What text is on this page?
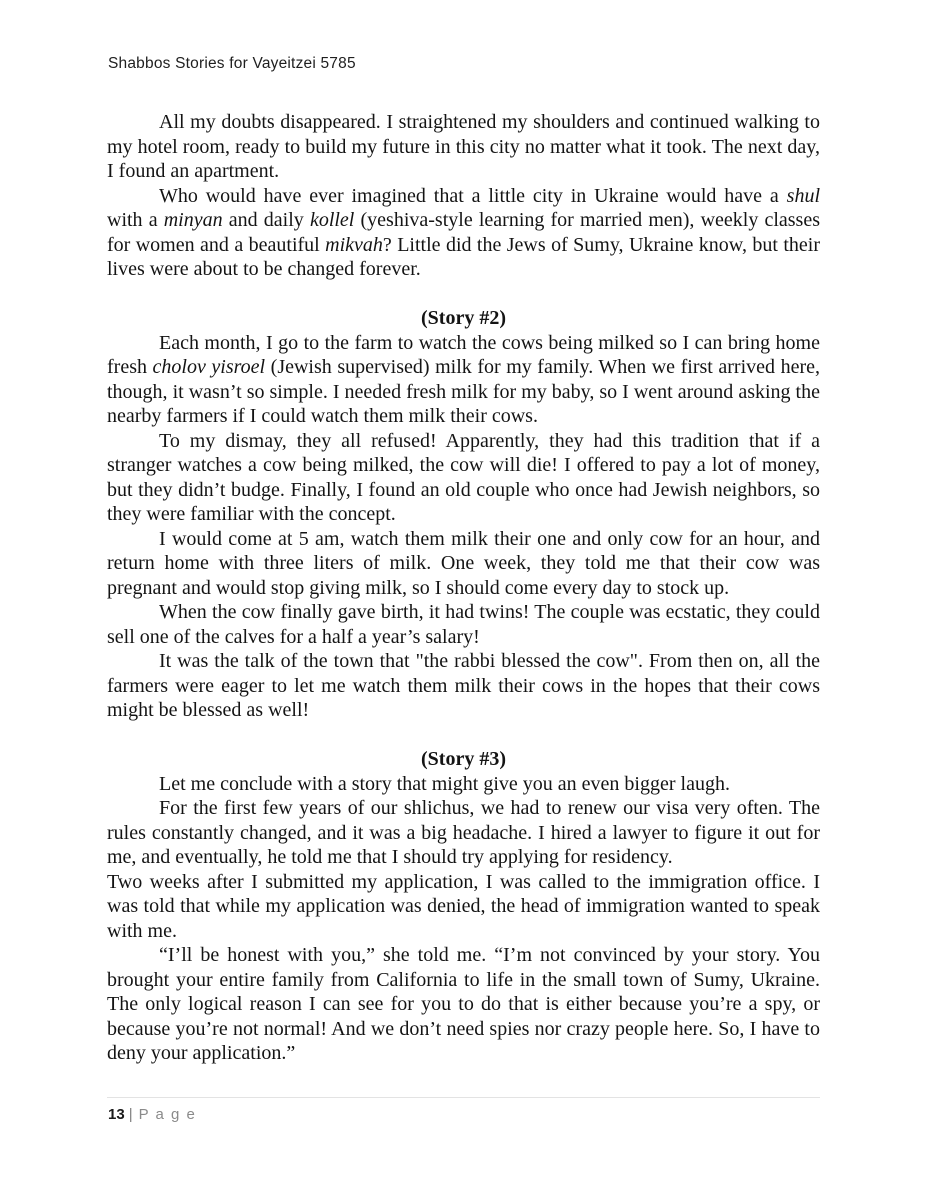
Shabbos Stories for Vayeitzei 5785

All my doubts disappeared. I straightened my shoulders and continued walking to my hotel room, ready to build my future in this city no matter what it took. The next day, I found an apartment.

Who would have ever imagined that a little city in Ukraine would have a shul with a minyan and daily kollel (yeshiva-style learning for married men), weekly classes for women and a beautiful mikvah? Little did the Jews of Sumy, Ukraine know, but their lives were about to be changed forever.

(Story #2)

Each month, I go to the farm to watch the cows being milked so I can bring home fresh cholov yisroel (Jewish supervised) milk for my family. When we first arrived here, though, it wasn’t so simple. I needed fresh milk for my baby, so I went around asking the nearby farmers if I could watch them milk their cows.

To my dismay, they all refused! Apparently, they had this tradition that if a stranger watches a cow being milked, the cow will die! I offered to pay a lot of money, but they didn’t budge. Finally, I found an old couple who once had Jewish neighbors, so they were familiar with the concept.

I would come at 5 am, watch them milk their one and only cow for an hour, and return home with three liters of milk. One week, they told me that their cow was pregnant and would stop giving milk, so I should come every day to stock up.

When the cow finally gave birth, it had twins! The couple was ecstatic, they could sell one of the calves for a half a year’s salary!

It was the talk of the town that "the rabbi blessed the cow". From then on, all the farmers were eager to let me watch them milk their cows in the hopes that their cows might be blessed as well!

(Story #3)

Let me conclude with a story that might give you an even bigger laugh.

For the first few years of our shlichus, we had to renew our visa very often. The rules constantly changed, and it was a big headache. I hired a lawyer to figure it out for me, and eventually, he told me that I should try applying for residency.

Two weeks after I submitted my application, I was called to the immigration office. I was told that while my application was denied, the head of immigration wanted to speak with me.

“I’ll be honest with you,” she told me. “I’m not convinced by your story. You brought your entire family from California to life in the small town of Sumy, Ukraine. The only logical reason I can see for you to do that is either because you’re a spy, or because you’re not normal! And we don’t need spies nor crazy people here. So, I have to deny your application.”

13 | P a g e
